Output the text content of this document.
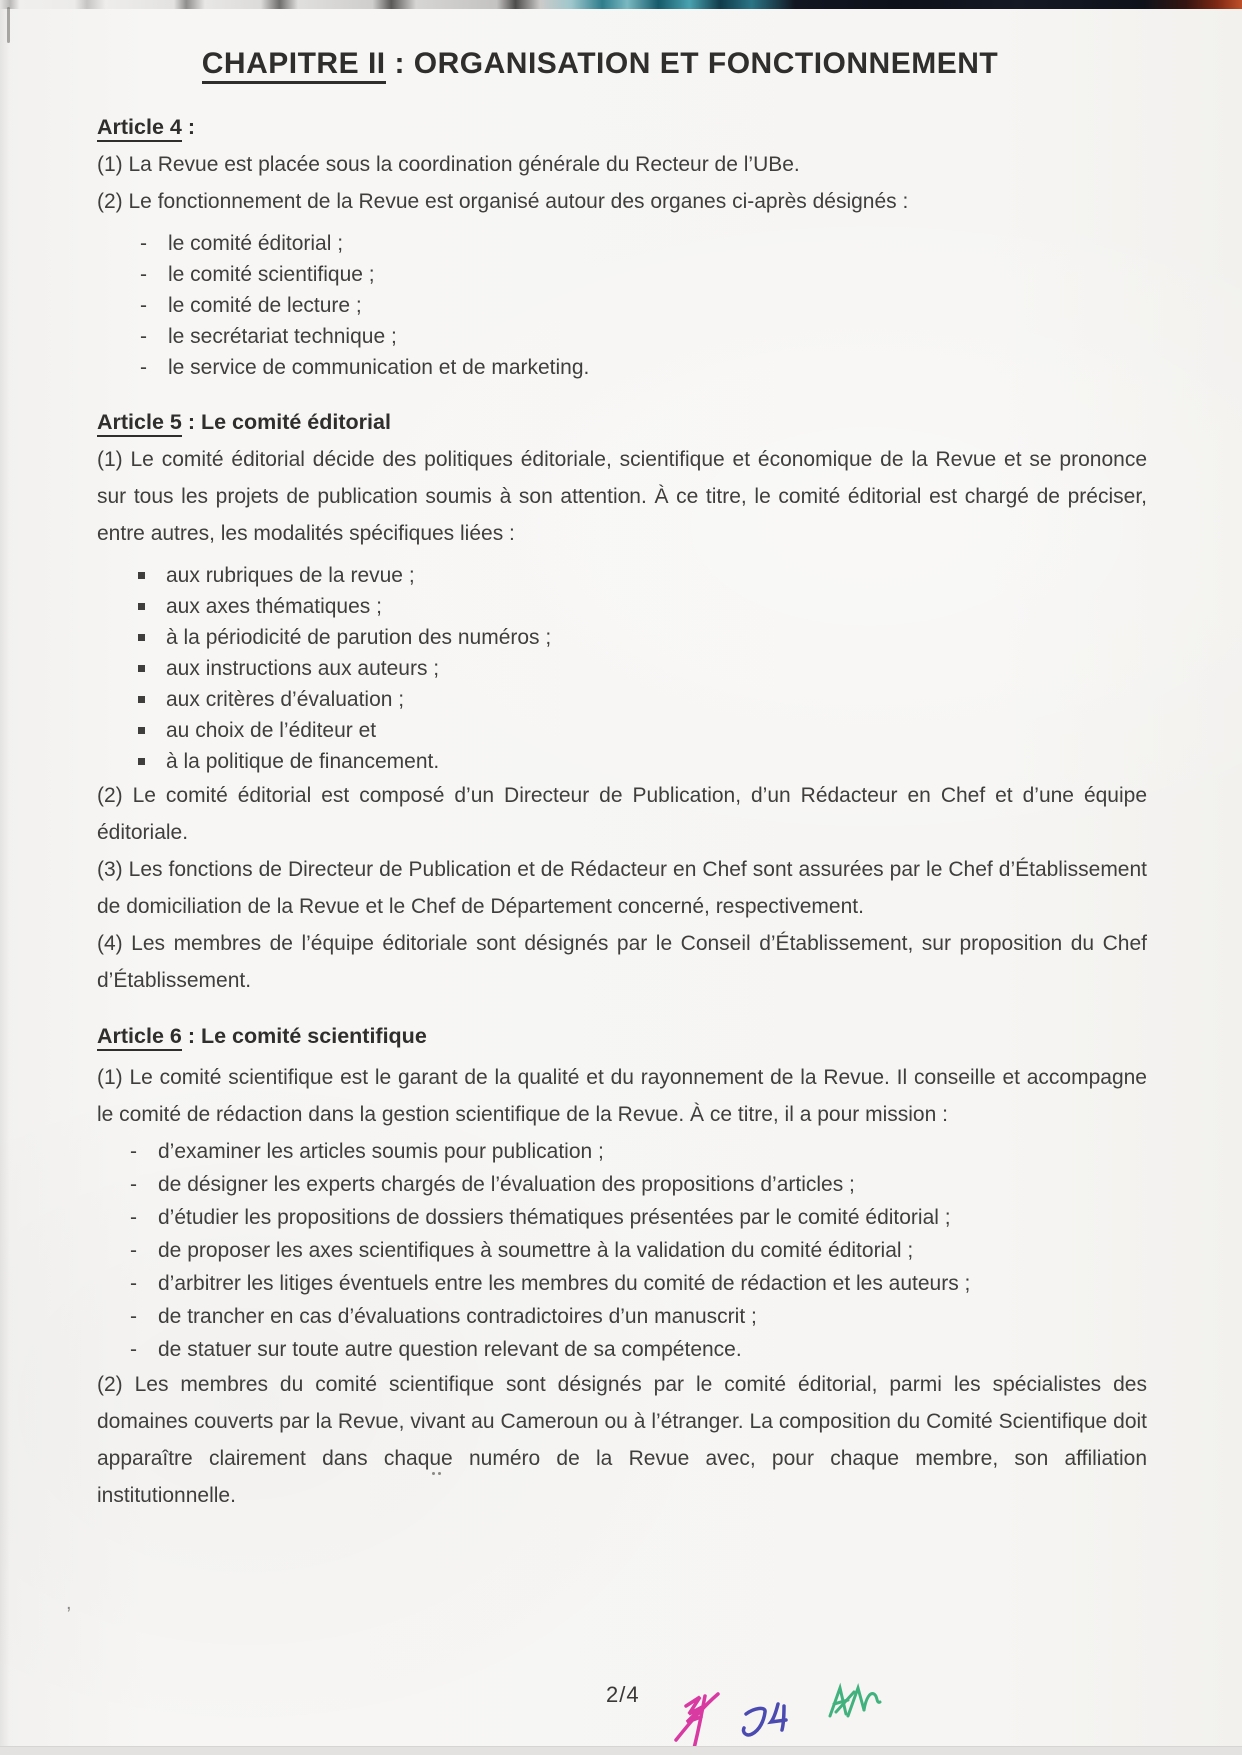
CHAPITRE II : ORGANISATION ET FONCTIONNEMENT
Article 4 :

(1) La Revue est placée sous la coordination générale du Recteur de l’UBe.

(2) Le fonctionnement de la Revue est organisé autour des organes ci-après désignés :

-	le comité éditorial ;
-	le comité scientifique ;
-	le comité de lecture ;
-	le secrétariat technique ;
-	le service de communication et de marketing.
Article 5 : Le comité éditorial

(1) Le comité éditorial décide des politiques éditoriale, scientifique et économique de la Revue et se prononce sur tous les projets de publication soumis à son attention. À ce titre, le comité éditorial est chargé de préciser, entre autres, les modalités spécifiques liées :

aux rubriques de la revue ;
aux axes thématiques ;
à la périodicité de parution des numéros ;
aux instructions aux auteurs ;
aux critères d’évaluation ;
au choix de l’éditeur et
à la politique de financement.

(2) Le comité éditorial est composé d’un Directeur de Publication, d’un Rédacteur en Chef et d’une équipe éditoriale.

(3) Les fonctions de Directeur de Publication et de Rédacteur en Chef sont assurées par le Chef d’Établissement de domiciliation de la Revue et le Chef de Département concerné, respectivement.

(4) Les membres de l’équipe éditoriale sont désignés par le Conseil d’Établissement, sur proposition du Chef d’Établissement.

Article 6 : Le comité scientifique

(1) Le comité scientifique est le garant de la qualité et du rayonnement de la Revue. Il conseille et accompagne le comité de rédaction dans la gestion scientifique de la Revue. À ce titre, il a pour mission :

-	d’examiner les articles soumis pour publication ;
-	de désigner les experts chargés de l’évaluation des propositions d’articles ;
-	d’étudier les propositions de dossiers thématiques présentées par le comité éditorial ;
-	de proposer les axes scientifiques à soumettre à la validation du comité éditorial ;
-	d’arbitrer les litiges éventuels entre les membres du comité de rédaction et les auteurs ;
-	de trancher en cas d’évaluations contradictoires d’un manuscrit ;
-	de statuer sur toute autre question relevant de sa compétence.

(2) Les membres du comité scientifique sont désignés par le comité éditorial, parmi les spécialistes des domaines couverts par la Revue, vivant au Cameroun ou à l’étranger. La composition du Comité Scientifique doit apparaître clairement dans chaque numéro de la Revue avec, pour chaque membre, son affiliation institutionnelle.

,
2/4
